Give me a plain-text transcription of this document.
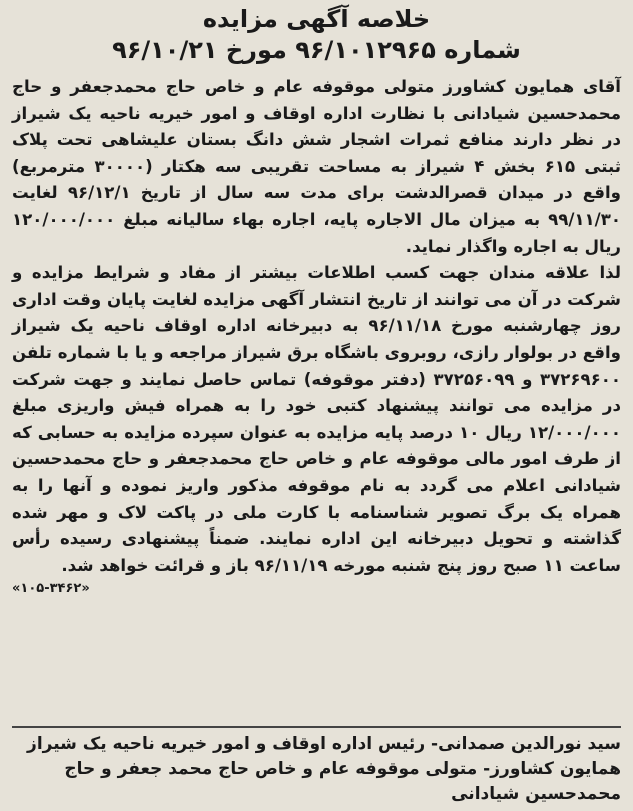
خلاصه آگهی مزایده
شماره ۹۶/۱۰۱۲۹۶۵ مورخ ۹۶/۱۰/۲۱

آقای همایون کشاورز متولی موقوفه عام و خاص حاج محمدجعفر و حاج محمدحسین شیادانی با نظارت اداره اوقاف و امور خیریه ناحیه یک شیراز در نظر دارند منافع ثمرات اشجار شش دانگ بستان علیشاهی تحت پلاک ثبتی ۶۱۵ بخش ۴ شیراز به مساحت تقریبی سه هکتار (۳۰۰۰۰ مترمربع) واقع در میدان قصرالدشت برای مدت سه سال از تاریخ ۹۶/۱۲/۱ لغایت ۹۹/۱۱/۳۰ به میزان مال الاجاره پایه، اجاره بهاء سالیانه مبلغ ۱۲۰/۰۰۰/۰۰۰ ریال به اجاره واگذار نماید.

لذا علاقه مندان جهت کسب اطلاعات بیشتر از مفاد و شرایط مزایده و شرکت در آن می توانند از تاریخ انتشار آگهی مزایده لغایت پایان وقت اداری روز چهارشنبه مورخ ۹۶/۱۱/۱۸ به دبیرخانه اداره اوقاف ناحیه یک شیراز واقع در بولوار رازی، روبروی باشگاه برق شیراز مراجعه و یا با شماره تلفن ۳۷۲۶۹۶۰۰ و ۳۷۲۵۶۰۹۹ (دفتر موقوفه) تماس حاصل نمایند و جهت شرکت در مزایده می توانند پیشنهاد کتبی خود را به همراه فیش واریزی مبلغ ۱۲/۰۰۰/۰۰۰ ریال ۱۰ درصد پایه مزایده به عنوان سپرده مزایده به حسابی که از طرف امور مالی موقوفه عام و خاص حاج محمدجعفر و حاج محمدحسین شیادانی اعلام می گردد به نام موقوفه مذکور واریز نموده و آنها را به همراه یک برگ تصویر شناسنامه با کارت ملی در پاکت لاک و مهر شده گذاشته و تحویل دبیرخانه این اداره نمایند. ضمناً پیشنهادی رسیده رأس ساعت ۱۱ صبح روز پنج شنبه مورخه ۹۶/۱۱/۱۹ باز و قرائت خواهد شد.

«۱۰۵-۳۴۶۲»

سید نورالدین صمدانی- رئیس اداره اوقاف و امور خیریه ناحیه یک شیراز

همایون کشاورز- متولی موقوفه عام و خاص حاج محمد جعفر و حاج محمدحسین شیادانی
